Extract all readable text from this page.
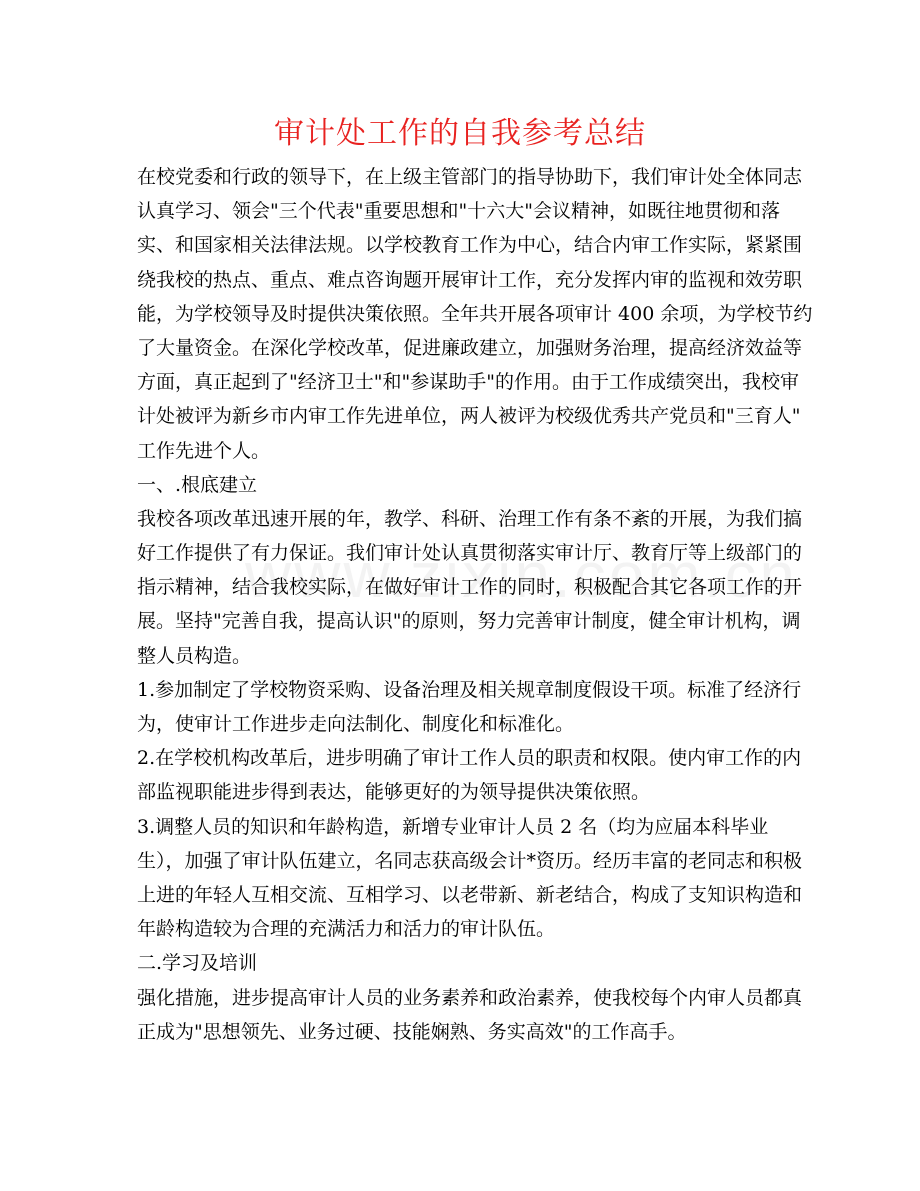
审计处工作的自我参考总结
在校党委和行政的领导下，在上级主管部门的指导协助下，我们审计处全体同志
认真学习、领会"三个代表"重要思想和"十六大"会议精神，如既往地贯彻和落
实、和国家相关法律法规。以学校教育工作为中心，结合内审工作实际，紧紧围
绕我校的热点、重点、难点咨询题开展审计工作，充分发挥内审的监视和效劳职
能，为学校领导及时提供决策依照。全年共开展各项审计 400 余项，为学校节约
了大量资金。在深化学校改革，促进廉政建立，加强财务治理，提高经济效益等
方面，真正起到了"经济卫士"和"参谋助手"的作用。由于工作成绩突出，我校审
计处被评为新乡市内审工作先进单位，两人被评为校级优秀共产党员和"三育人"
工作先进个人。
一、.根底建立
我校各项改革迅速开展的年，教学、科研、治理工作有条不紊的开展，为我们搞
好工作提供了有力保证。我们审计处认真贯彻落实审计厅、教育厅等上级部门的
指示精神，结合我校实际，在做好审计工作的同时，积极配合其它各项工作的开
展。坚持"完善自我，提高认识"的原则，努力完善审计制度，健全审计机构，调
整人员构造。
1.参加制定了学校物资采购、设备治理及相关规章制度假设干项。标准了经济行
为，使审计工作进步走向法制化、制度化和标准化。
2.在学校机构改革后，进步明确了审计工作人员的职责和权限。使内审工作的内
部监视职能进步得到表达，能够更好的为领导提供决策依照。
3.调整人员的知识和年龄构造，新增专业审计人员 2 名（均为应届本科毕业
生），加强了审计队伍建立，名同志获高级会计*资历。经历丰富的老同志和积极
上进的年轻人互相交流、互相学习、以老带新、新老结合，构成了支知识构造和
年龄构造较为合理的充满活力和活力的审计队伍。
二.学习及培训
强化措施，进步提高审计人员的业务素养和政治素养，使我校每个内审人员都真
正成为"思想领先、业务过硬、技能娴熟、务实高效"的工作高手。
